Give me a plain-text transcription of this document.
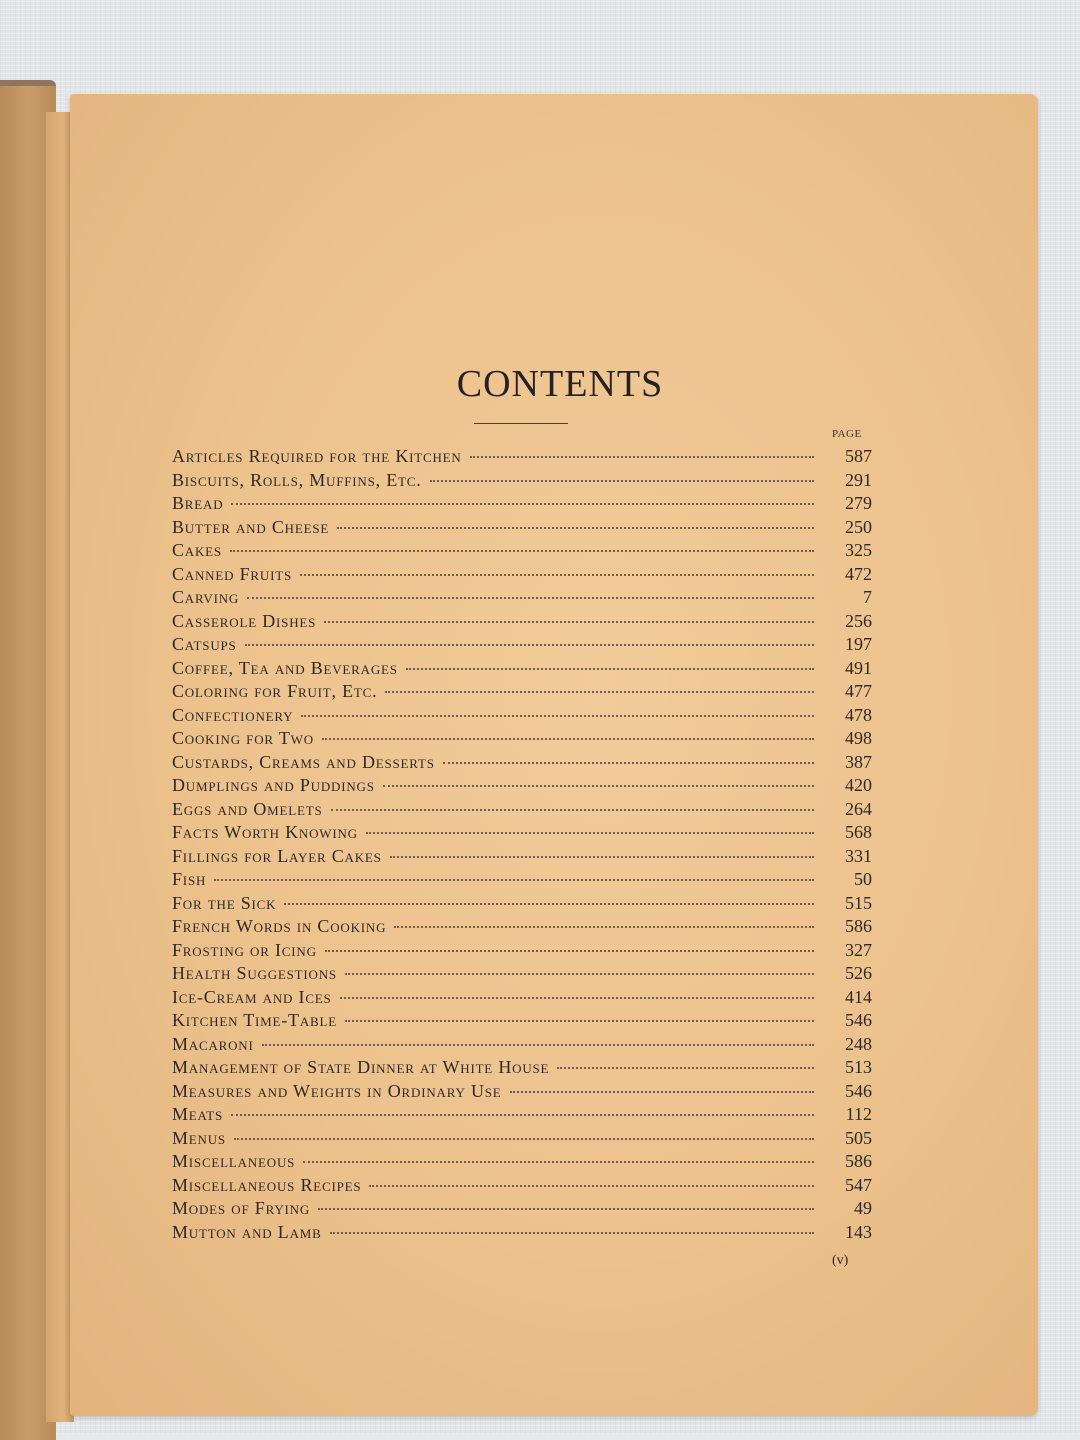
CONTENTS
PAGE
Articles Required for the Kitchen	587
Biscuits, Rolls, Muffins, Etc.	291
Bread	279
Butter and Cheese	250
Cakes	325
Canned Fruits	472
Carving	7
Casserole Dishes	256
Catsups	197
Coffee, Tea and Beverages	491
Coloring for Fruit, Etc.	477
Confectionery	478
Cooking for Two	498
Custards, Creams and Desserts	387
Dumplings and Puddings	420
Eggs and Omelets	264
Facts Worth Knowing	568
Fillings for Layer Cakes	331
Fish	50
For the Sick	515
French Words in Cooking	586
Frosting or Icing	327
Health Suggestions	526
Ice-Cream and Ices	414
Kitchen Time-Table	546
Macaroni	248
Management of State Dinner at White House	513
Measures and Weights in Ordinary Use	546
Meats	112
Menus	505
Miscellaneous	586
Miscellaneous Recipes	547
Modes of Frying	49
Mutton and Lamb	143
(v)
